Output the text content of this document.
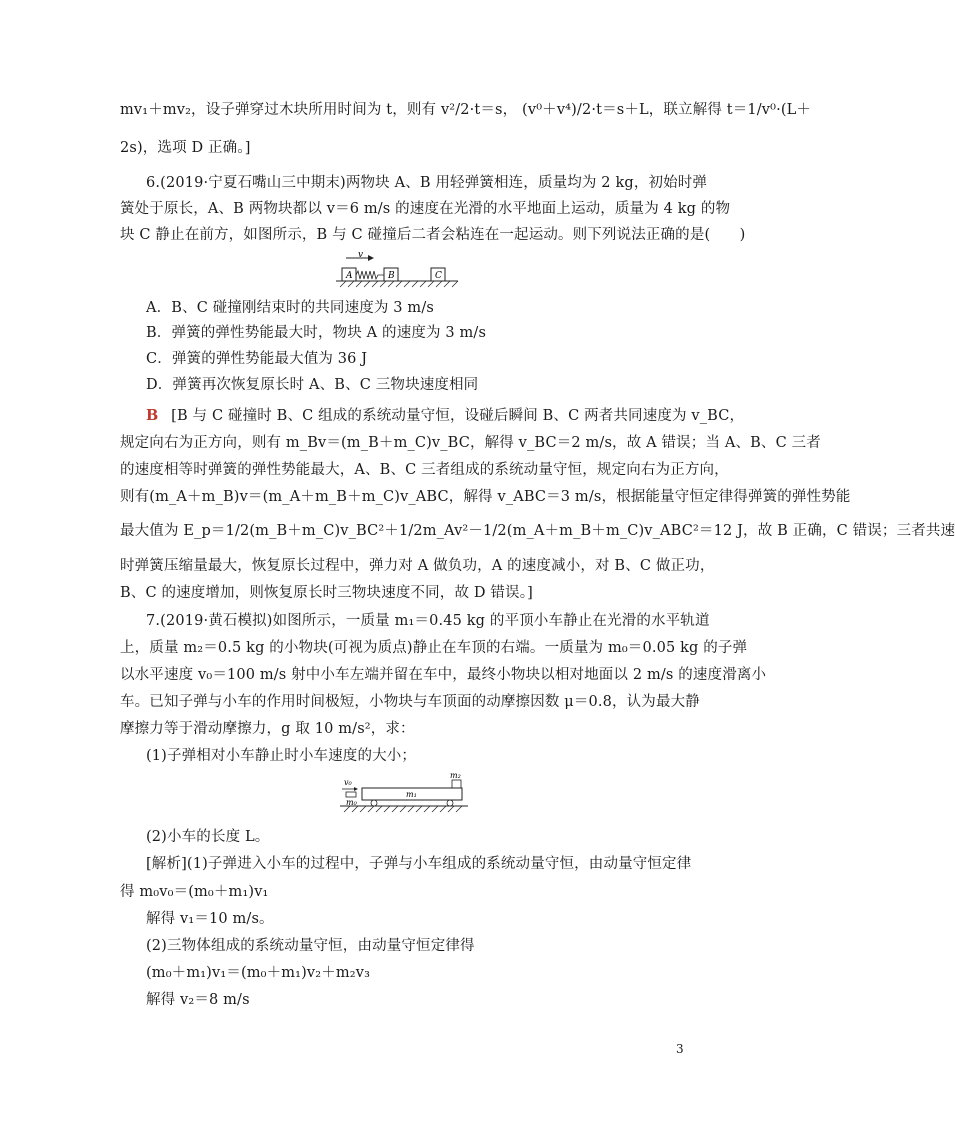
mv₁＋mv₂，设子弹穿过木块所用时间为 t，则有 v²/2·t＝s， (v⁰＋v⁴)/2·t＝s＋L，联立解得 t＝1/v⁰·(L＋
2s)，选项 D 正确。]
6.(2019·宁夏石嘴山三中期末)两物块 A、B 用轻弹簧相连，质量均为 2 kg，初始时弹
簧处于原长，A、B 两物块都以 v＝6 m/s 的速度在光滑的水平地面上运动，质量为 4 kg 的物
块 C 静止在前方，如图所示，B 与 C 碰撞后二者会粘连在一起运动。则下列说法正确的是(　　)
v
A	B	C
A．B、C 碰撞刚结束时的共同速度为 3 m/s
B．弹簧的弹性势能最大时，物块 A 的速度为 3 m/s
C．弹簧的弹性势能最大值为 36 J
D．弹簧再次恢复原长时 A、B、C 三物块速度相同
B [B 与 C 碰撞时 B、C 组成的系统动量守恒，设碰后瞬间 B、C 两者共同速度为 v_BC，
规定向右为正方向，则有 m_Bv＝(m_B＋m_C)v_BC，解得 v_BC＝2 m/s，故 A 错误；当 A、B、C 三者
的速度相等时弹簧的弹性势能最大，A、B、C 三者组成的系统动量守恒，规定向右为正方向，
则有(m_A＋m_B)v＝(m_A＋m_B＋m_C)v_ABC，解得 v_ABC＝3 m/s，根据能量守恒定律得弹簧的弹性势能
最大值为 E_p＝1/2(m_B＋m_C)v_BC²＋1/2m_Av²－1/2(m_A＋m_B＋m_C)v_ABC²＝12 J，故 B 正确，C 错误；三者共速
时弹簧压缩量最大，恢复原长过程中，弹力对 A 做负功，A 的速度减小，对 B、C 做正功，
B、C 的速度增加，则恢复原长时三物块速度不同，故 D 错误。]
7.(2019·黄石模拟)如图所示，一质量 m₁＝0.45 kg 的平顶小车静止在光滑的水平轨道
上，质量 m₂＝0.5 kg 的小物块(可视为质点)静止在车顶的右端。一质量为 m₀＝0.05 kg 的子弹
以水平速度 v₀＝100 m/s 射中小车左端并留在车中，最终小物块以相对地面以 2 m/s 的速度滑离小
车。已知子弹与小车的作用时间极短，小物块与车顶面的动摩擦因数 μ＝0.8，认为最大静
摩擦力等于滑动摩擦力，g 取 10 m/s²，求：
(1)子弹相对小车静止时小车速度的大小；
v₀
m₀
m₁
m₂
(2)小车的长度 L。
[解析](1)子弹进入小车的过程中，子弹与小车组成的系统动量守恒，由动量守恒定律
得 m₀v₀＝(m₀＋m₁)v₁
解得 v₁＝10 m/s。
(2)三物体组成的系统动量守恒，由动量守恒定律得
(m₀＋m₁)v₁＝(m₀＋m₁)v₂＋m₂v₃
解得 v₂＝8 m/s
3
